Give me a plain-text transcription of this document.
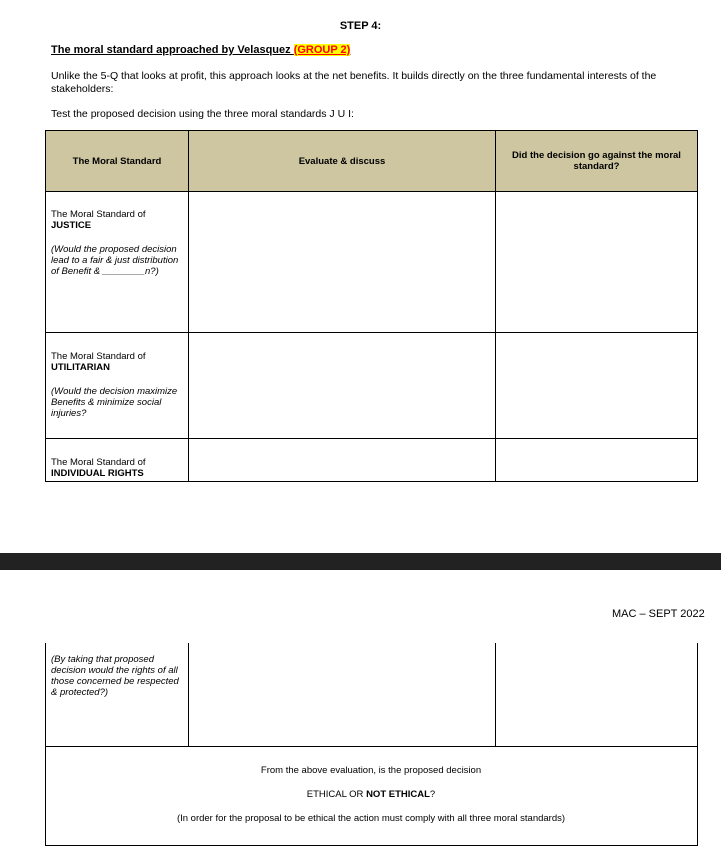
STEP 4:
The moral standard approached by Velasquez (GROUP 2)
Unlike the 5-Q that looks at profit, this approach looks at the net benefits. It builds directly on the three fundamental interests of the stakeholders:
Test the proposed decision using the three moral standards J U I:
The Moral Standard	Evaluate & discuss	Did the decision go against the moral standard?
The Moral Standard of
JUSTICE
(Would the proposed decision lead to a fair & just distribution of Benefit & ________n?)
The Moral Standard of
UTILITARIAN
(Would the decision maximize Benefits & minimize social injuries?
The Moral Standard of
INDIVIDUAL RIGHTS
MAC – SEPT 2022
(By taking that proposed decision would the rights of all those concerned be respected & protected?)
From the above evaluation, is the proposed decision
ETHICAL OR NOT ETHICAL?
(In order for the proposal to be ethical the action must comply with all three moral standards)
